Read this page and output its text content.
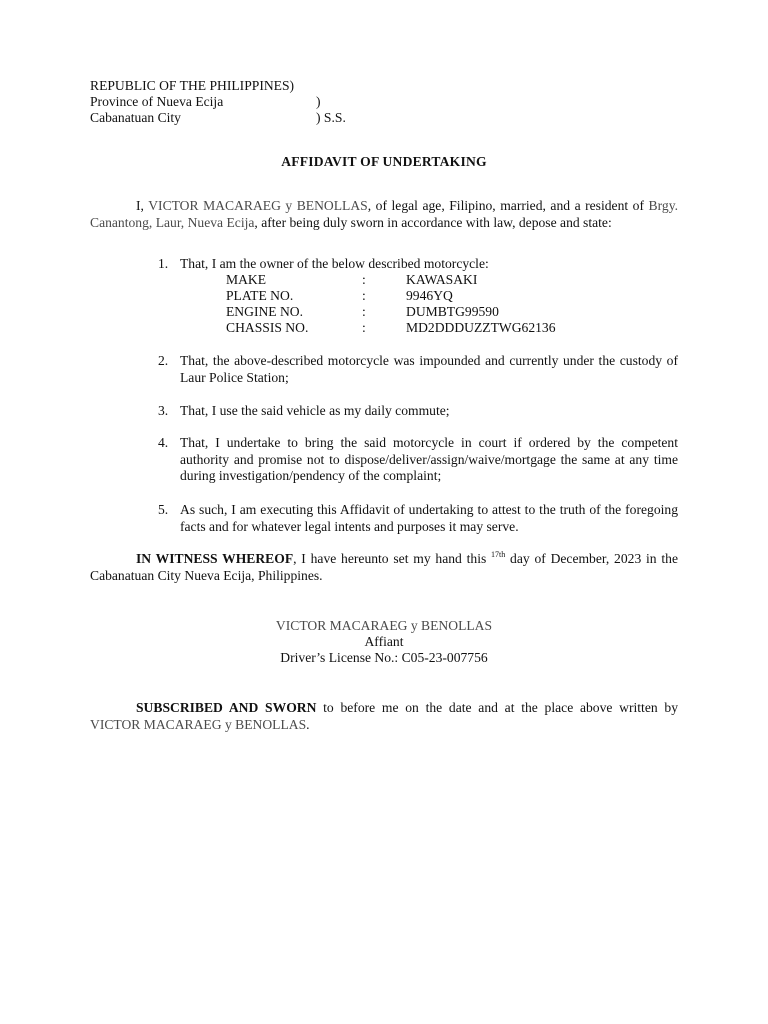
REPUBLIC OF THE PHILIPPINES)
Province of Nueva Ecija	)
Cabanatuan City	) S.S.
AFFIDAVIT OF UNDERTAKING
I, VICTOR MACARAEG y BENOLLAS, of legal age, Filipino, married, and a resident of Brgy. Canantong, Laur, Nueva Ecija, after being duly sworn in accordance with law, depose and state:
1. That, I am the owner of the below described motorcycle:
MAKE	:	KAWASAKI
PLATE NO.	:	9946YQ
ENGINE NO.	:	DUMBTG99590
CHASSIS NO.	:	MD2DDDUZZTWG62136
2. That, the above-described motorcycle was impounded and currently under the custody of Laur Police Station;
3. That, I use the said vehicle as my daily commute;
4. That, I undertake to bring the said motorcycle in court if ordered by the competent authority and promise not to dispose/deliver/assign/waive/mortgage the same at any time during investigation/pendency of the complaint;
5. As such, I am executing this Affidavit of undertaking to attest to the truth of the foregoing facts and for whatever legal intents and purposes it may serve.
IN WITNESS WHEREOF, I have hereunto set my hand this $^{17th}$ day of December, 2023 in the Cabanatuan City Nueva Ecija, Philippines.
VICTOR MACARAEG y BENOLLAS
Affiant
Driver’s License No.: C05-23-007756
SUBSCRIBED AND SWORN to before me on the date and at the place above written by VICTOR MACARAEG y BENOLLAS.
